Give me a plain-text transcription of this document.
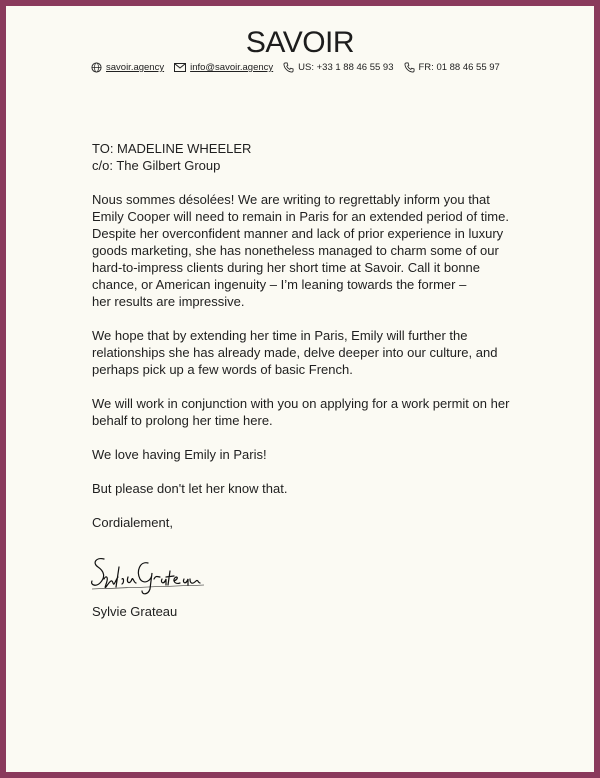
SAVOIR
savoir.agency	info@savoir.agency	US: +33 1 88 46 55 93	FR: 01 88 46 55 97

TO: MADELINE WHEELER

c/o: The Gilbert Group

Nous sommes désolées! We are writing to regrettably inform you that
Emily Cooper will need to remain in Paris for an extended period of time.
Despite her overconfident manner and lack of prior experience in luxury
goods marketing, she has nonetheless managed to charm some of our
hard-to-impress clients during her short time at Savoir. Call it bonne
chance, or American ingenuity – I’m leaning towards the former –
her results are impressive.

We hope that by extending her time in Paris, Emily will further the
relationships she has already made, delve deeper into our culture, and
perhaps pick up a few words of basic French.

We will work in conjunction with you on applying for a work permit on her
behalf to prolong her time here.

We love having Emily in Paris!

But please don't let her know that.

Cordialement,

Sylvie Grateau
